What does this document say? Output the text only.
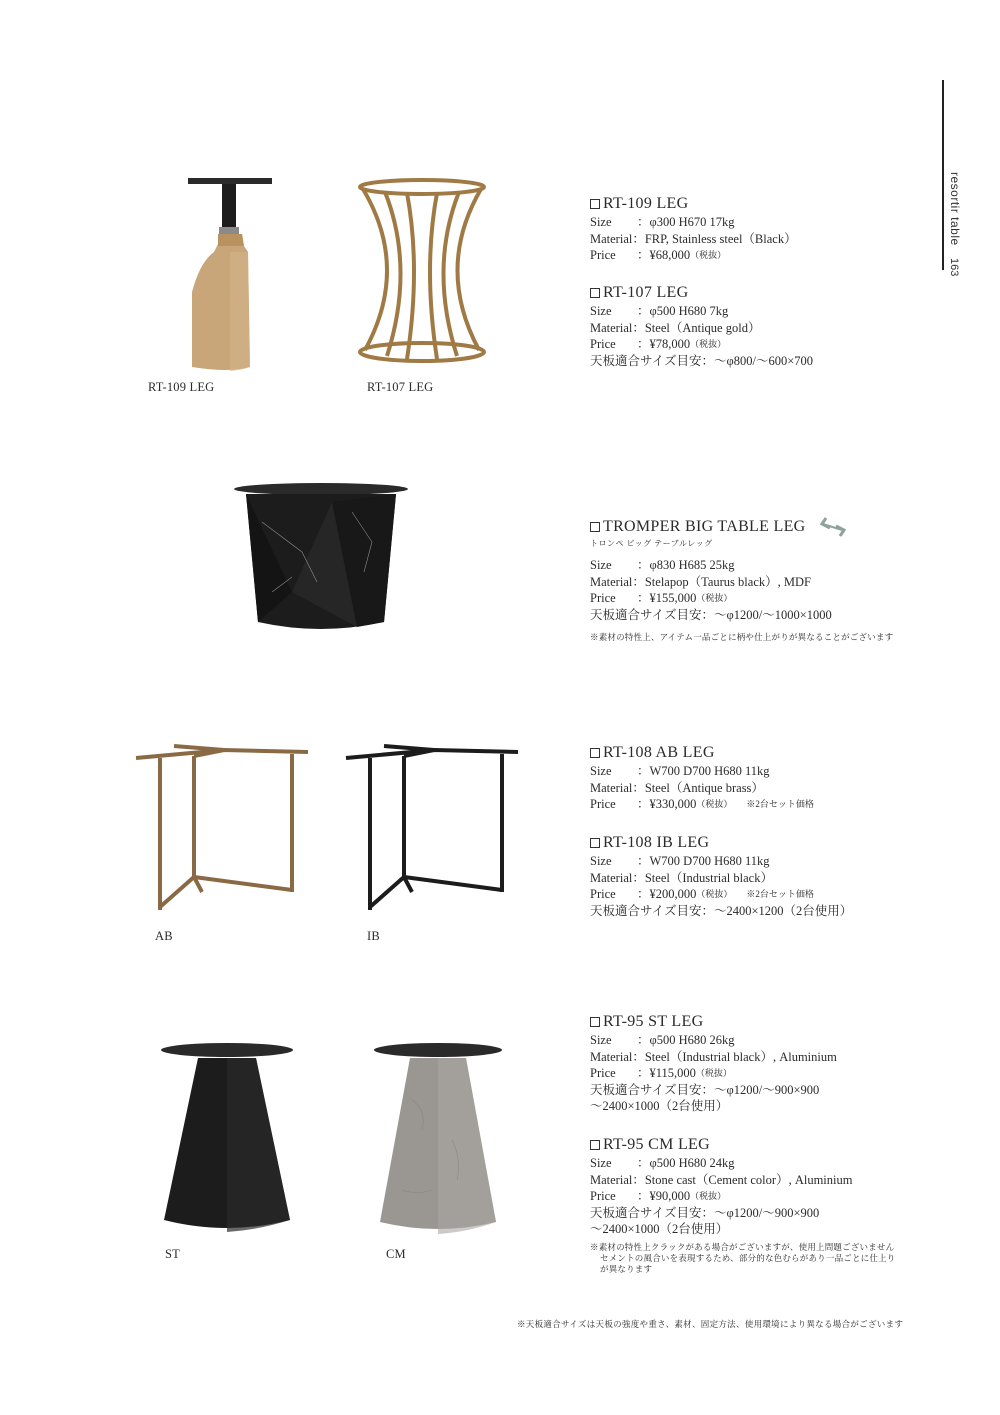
resortir table
163
RT-109 LEG	RT-107 LEG
RT-109 LEG
Size	：φ300 H670 17kg
Material ：FRP, Stainless steel（Black）
Price	：¥68,000 （税抜）
RT-107 LEG
Size	：φ500 H680 7kg
Material ：Steel（Antique gold）
Price	：¥78,000 （税抜）
天板適合サイズ目安：～φ800/～600×700
TROMPER BIG TABLE LEG
トロンペ ビッグ テーブルレッグ
Size	：φ830 H685 25kg
Material ：Stelapop（Taurus black）, MDF
Price	：¥155,000 （税抜）
天板適合サイズ目安：～φ1200/～1000×1000
※素材の特性上、アイテム一品ごとに柄や仕上がりが異なることがございます
AB	IB
RT-108 AB LEG
Size	：W700 D700 H680 11kg
Material ：Steel（Antique brass）
Price	：¥330,000 （税抜） ※2台セット価格
RT-108 IB LEG
Size	：W700 D700 H680 11kg
Material ：Steel（Industrial black）
Price	：¥200,000 （税抜） ※2台セット価格
天板適合サイズ目安：～2400×1200（2台使用）
ST	CM
RT-95 ST LEG
Size	：φ500 H680 26kg
Material ：Steel（Industrial black）, Aluminium
Price	：¥115,000 （税抜）
天板適合サイズ目安：～φ1200/～900×900
～2400×1000（2台使用）
RT-95 CM LEG
Size	：φ500 H680 24kg
Material ：Stone cast（Cement color）, Aluminium
Price	：¥90,000 （税抜）
天板適合サイズ目安：～φ1200/～900×900
～2400×1000（2台使用）
※素材の特性上クラックがある場合がございますが、使用上問題ございません
セメントの風合いを表現するため、部分的な色むらがあり一品ごとに仕上り
が異なります
※天板適合サイズは天板の強度や重さ、素材、固定方法、使用環境により異なる場合がございます
